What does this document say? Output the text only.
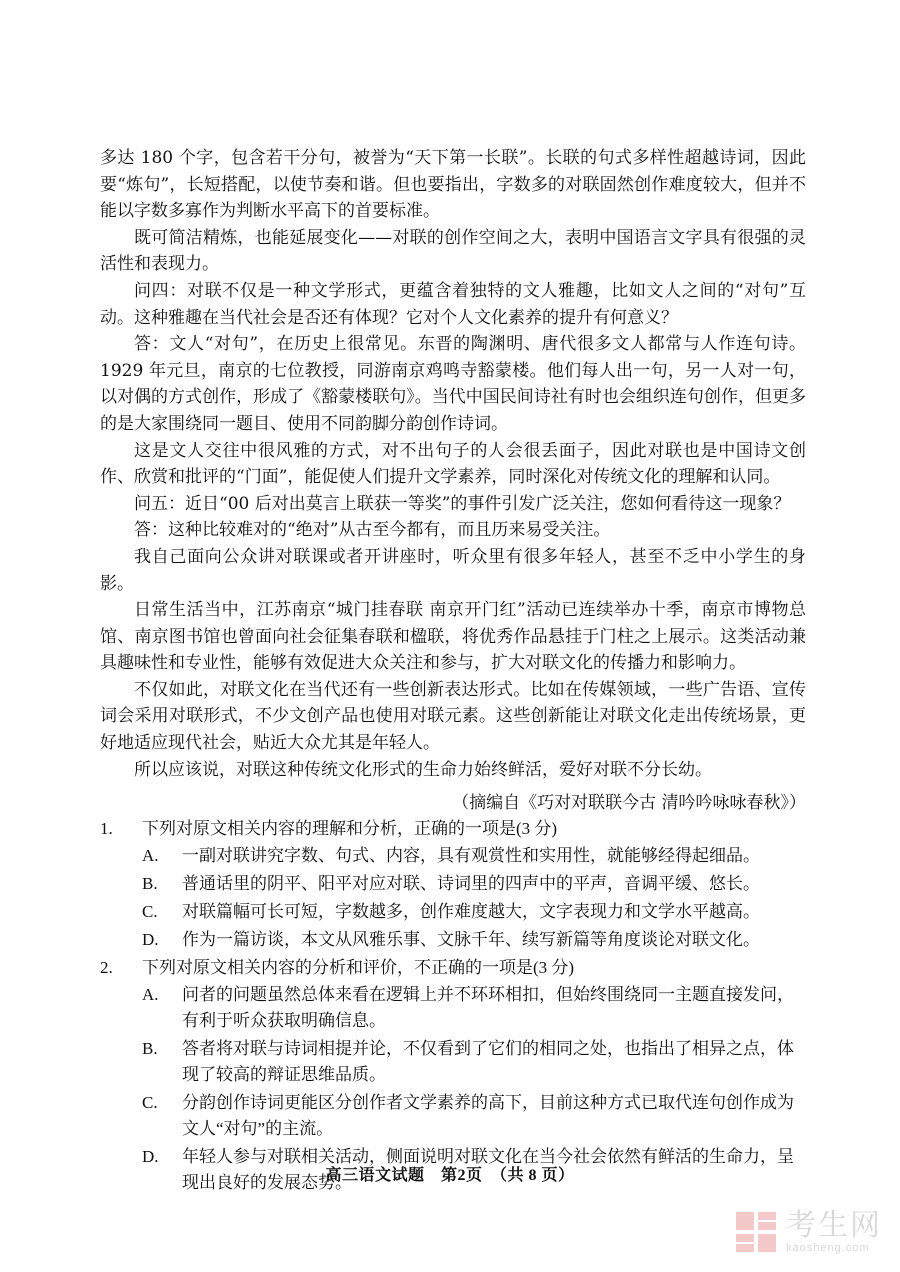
多达 180 个字，包含若干分句，被誉为“天下第一长联”。长联的句式多样性超越诗词，因此要“炼句”，长短搭配，以使节奏和谐。但也要指出，字数多的对联固然创作难度较大，但并不能以字数多寡作为判断水平高下的首要标准。

既可简洁精炼，也能延展变化——对联的创作空间之大，表明中国语言文字具有很强的灵活性和表现力。

问四：对联不仅是一种文学形式，更蕴含着独特的文人雅趣，比如文人之间的“对句”互动。这种雅趣在当代社会是否还有体现？它对个人文化素养的提升有何意义？

答：文人“对句”，在历史上很常见。东晋的陶渊明、唐代很多文人都常与人作连句诗。1929 年元旦，南京的七位教授，同游南京鸡鸣寺豁蒙楼。他们每人出一句，另一人对一句，以对偶的方式创作，形成了《豁蒙楼联句》。当代中国民间诗社有时也会组织连句创作，但更多的是大家围绕同一题目、使用不同韵脚分韵创作诗词。

这是文人交往中很风雅的方式，对不出句子的人会很丢面子，因此对联也是中国诗文创作、欣赏和批评的“门面”，能促使人们提升文学素养，同时深化对传统文化的理解和认同。

问五：近日“00 后对出莫言上联获一等奖”的事件引发广泛关注，您如何看待这一现象？

答：这种比较难对的“绝对”从古至今都有，而且历来易受关注。

我自己面向公众讲对联课或者开讲座时，听众里有很多年轻人，甚至不乏中小学生的身影。

日常生活当中，江苏南京“城门挂春联 南京开门红”活动已连续举办十季，南京市博物总馆、南京图书馆也曾面向社会征集春联和楹联，将优秀作品悬挂于门柱之上展示。这类活动兼具趣味性和专业性，能够有效促进大众关注和参与，扩大对联文化的传播力和影响力。

不仅如此，对联文化在当代还有一些创新表达形式。比如在传媒领域，一些广告语、宣传词会采用对联形式，不少文创产品也使用对联元素。这些创新能让对联文化走出传统场景，更好地适应现代社会，贴近大众尤其是年轻人。

所以应该说，对联这种传统文化形式的生命力始终鲜活，爱好对联不分长幼。

（摘编自《巧对对联联今古 清吟吟咏咏春秋》）
1.	下列对原文相关内容的理解和分析，正确的一项是(3 分)
A.	一副对联讲究字数、句式、内容，具有观赏性和实用性，就能够经得起细品。
B.	普通话里的阴平、阳平对应对联、诗词里的四声中的平声，音调平缓、悠长。
C.	对联篇幅可长可短，字数越多，创作难度越大，文字表现力和文学水平越高。
D.	作为一篇访谈，本文从风雅乐事、文脉千年、续写新篇等角度谈论对联文化。
2.	下列对原文相关内容的分析和评价，不正确的一项是(3 分)
A.	问者的问题虽然总体来看在逻辑上并不环环相扣，但始终围绕同一主题直接发问，有利于听众获取明确信息。
B.	答者将对联与诗词相提并论，不仅看到了它们的相同之处，也指出了相异之点，体现了较高的辩证思维品质。
C.	分韵创作诗词更能区分创作者文学素养的高下，目前这种方式已取代连句创作成为文人“对句”的主流。
D.	年轻人参与对联相关活动，侧面说明对联文化在当今社会依然有鲜活的生命力，呈现出良好的发展态势。
高三语文试题　第2页　（共 8 页）
考生网
kaosheng.com
